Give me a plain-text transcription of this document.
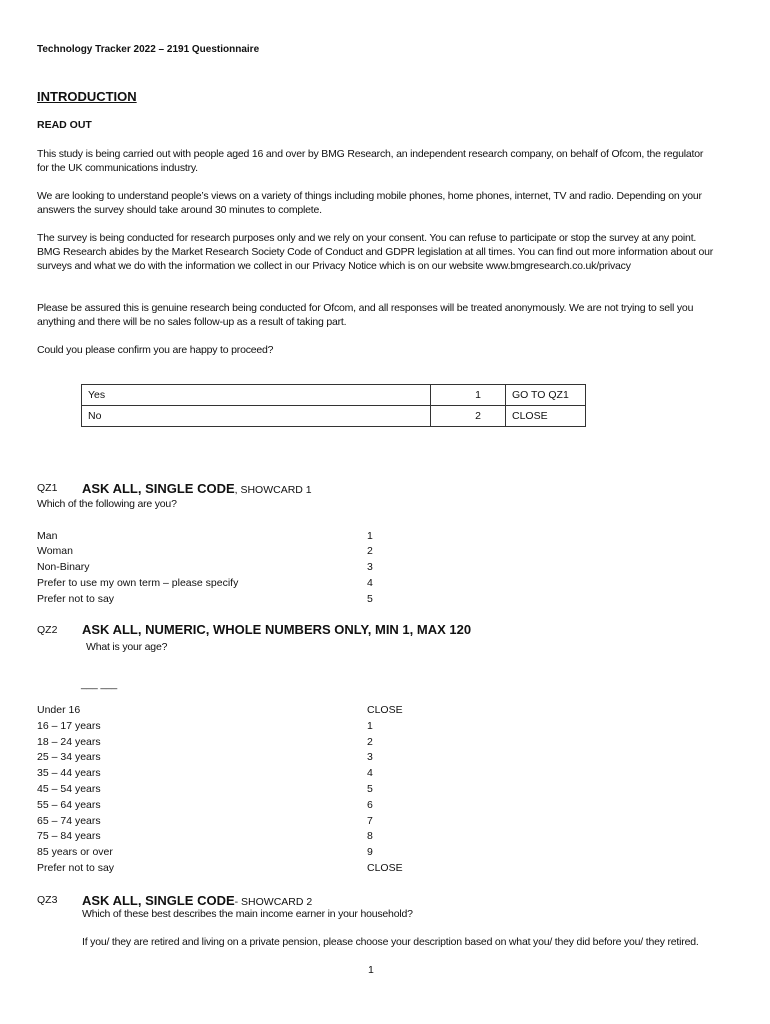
Technology Tracker 2022 – 2191 Questionnaire
INTRODUCTION
READ OUT
This study is being carried out with people aged 16 and over by BMG Research, an independent research company, on behalf of Ofcom, the regulator for the UK communications industry.
We are looking to understand people’s views on a variety of things including mobile phones, home phones, internet, TV and radio. Depending on your answers the survey should take around 30 minutes to complete.
The survey is being conducted for research purposes only and we rely on your consent. You can refuse to participate or stop the survey at any point. BMG Research abides by the Market Research Society Code of Conduct and GDPR legislation at all times. You can find out more information about our surveys and what we do with the information we collect in our Privacy Notice which is on our website www.bmgresearch.co.uk/privacy
Please be assured this is genuine research being conducted for Ofcom, and all responses will be treated anonymously. We are not trying to sell you anything and there will be no sales follow-up as a result of taking part.
Could you please confirm you are happy to proceed?
Yes	1	GO TO QZ1
No	2	CLOSE
QZ1 ASK ALL, SINGLE CODE, SHOWCARD 1
Which of the following are you?
Man	1
Woman	2
Non-Binary	3
Prefer to use my own term – please specify	4
Prefer not to say	5
QZ2 ASK ALL, NUMERIC, WHOLE NUMBERS ONLY, MIN 1, MAX 120
What is your age?
___ ___
Under 16	CLOSE
16 – 17 years	1
18 – 24 years	2
25 – 34 years	3
35 – 44 years	4
45 – 54 years	5
55 – 64 years	6
65 – 74 years	7
75 – 84 years	8
85 years or over	9
Prefer not to say	CLOSE
QZ3 ASK ALL, SINGLE CODE- SHOWCARD 2
Which of these best describes the main income earner in your household?
If you/ they are retired and living on a private pension, please choose your description based on what you/ they did before you/ they retired.
1
